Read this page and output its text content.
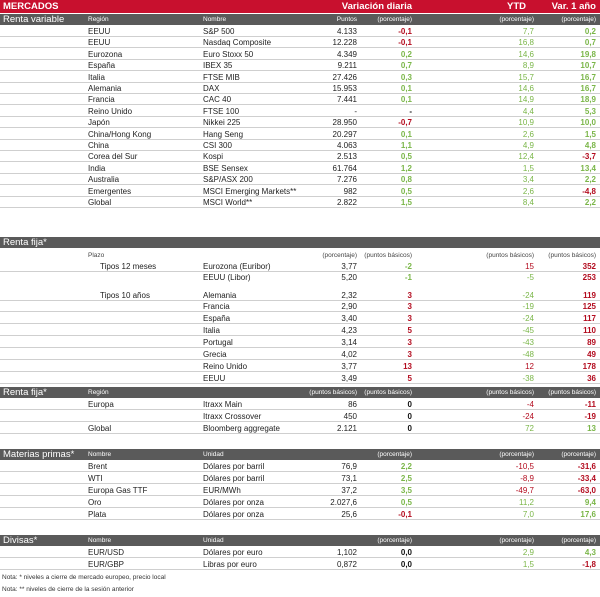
MERCADOS	Variación diaria	YTD	Var. 1 año
Renta variable	Región	Nombre	Puntos	(porcentaje)	(porcentaje)	(porcentaje)
EEUU	S&P 500	4.133	-0,1	7,7	0,2
EEUU	Nasdaq Composite	12.228	-0,1	16,8	0,7
Eurozona	Euro Stoxx 50	4.349	0,2	14,6	19,8
España	IBEX 35	9.211	0,7	8,9	10,7
Italia	FTSE MIB	27.426	0,3	15,7	16,7
Alemania	DAX	15.953	0,1	14,6	16,7
Francia	CAC 40	7.441	0,1	14,9	18,9
Reino Unido	FTSE 100	-	-	4,4	5,3
Japón	Nikkei 225	28.950	-0,7	10,9	10,0
China/Hong Kong	Hang Seng	20.297	0,1	2,6	1,5
China	CSI 300	4.063	1,1	4,9	4,8
Corea del Sur	Kospi	2.513	0,5	12,4	-3,7
India	BSE Sensex	61.764	1,2	1,5	13,4
Australia	S&P/ASX 200	7.276	0,8	3,4	2,2
Emergentes	MSCI Emerging Markets**	982	0,5	2,6	-4,8
Global	MSCI World**	2.822	1,5	8,4	2,2
Renta fija*
Plazo	(porcentaje) (puntos básicos)	(puntos básicos) (puntos básicos)
Tipos 12 meses	Eurozona (Euribor)	3,77	-2	15	352
EEUU (Libor)	5,20	-1	-5	253
Tipos 10 años	Alemania	2,32	3	-24	119
Francia	2,90	3	-19	125
España	3,40	3	-24	117
Italia	4,23	5	-45	110
Portugal	3,14	3	-43	89
Grecia	4,02	3	-48	49
Reino Unido	3,77	13	12	178
EEUU	3,49	5	-38	36
Renta fija*	Región	(puntos básicos) (puntos básicos)	(puntos básicos) (puntos básicos)
Europa	Itraxx Main	86	0	-4	-11
Itraxx Crossover	450	0	-24	-19
Global	Bloomberg aggregate	2.121	0	72	13
Materias primas* Nombre	Unidad	(porcentaje)	(porcentaje)	(porcentaje)
Brent	Dólares por barril	76,9	2,2	-10,5	-31,6
WTI	Dólares por barril	73,1	2,5	-8,9	-33,4
Europa Gas TTF	EUR/MWh	37,2	3,5	-49,7	-63,0
Oro	Dólares por onza	2.027,6	0,5	11,2	9,4
Plata	Dólares por onza	25,6	-0,1	7,0	17,6
Divisas*	Nombre	Unidad	(porcentaje)	(porcentaje)	(porcentaje)
EUR/USD	Dólares por euro	1,102	0,0	2,9	4,3
EUR/GBP	Libras por euro	0,872	0,0	1,5	-1,8
Nota: * niveles a cierre de mercado europeo, precio local
Nota: ** niveles de cierre de la sesión anterior
